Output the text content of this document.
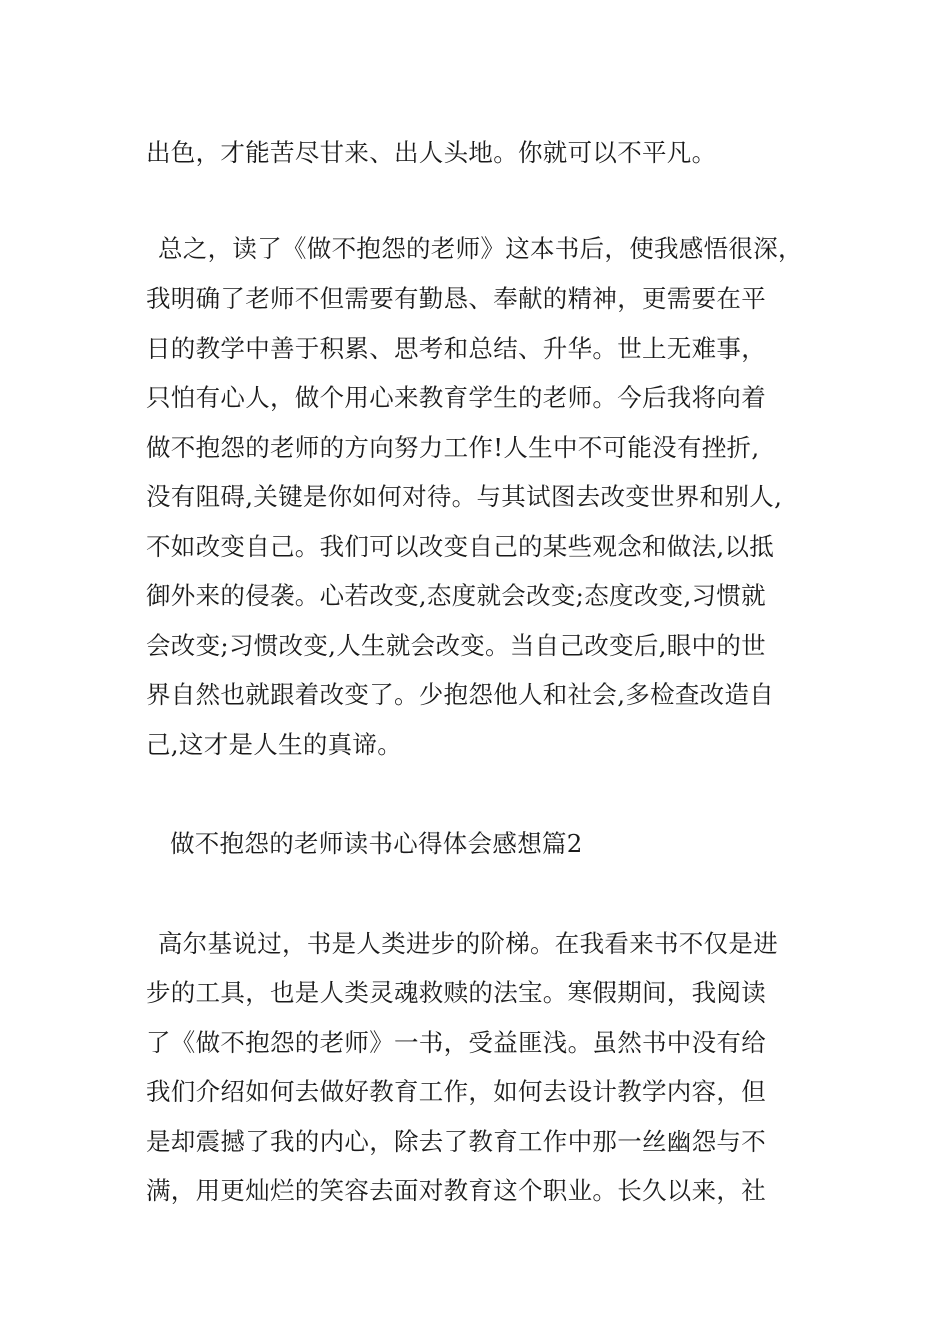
出色，才能苦尽甘来、出人头地。你就可以不平凡。
总之，读了《做不抱怨的老师》这本书后，使我感悟很深，
我明确了老师不但需要有勤恳、奉献的精神，更需要在平
日的教学中善于积累、思考和总结、升华。世上无难事，
只怕有心人，做个用心来教育学生的老师。今后我将向着
做不抱怨的老师的方向努力工作!人生中不可能没有挫折,
没有阻碍,关键是你如何对待。与其试图去改变世界和别人,
不如改变自己。我们可以改变自己的某些观念和做法,以抵
御外来的侵袭。心若改变,态度就会改变;态度改变,习惯就
会改变;习惯改变,人生就会改变。当自己改变后,眼中的世
界自然也就跟着改变了。少抱怨他人和社会,多检查改造自
己,这才是人生的真谛。
做不抱怨的老师读书心得体会感想篇2
高尔基说过，书是人类进步的阶梯。在我看来书不仅是进
步的工具，也是人类灵魂救赎的法宝。寒假期间，我阅读
了《做不抱怨的老师》一书，受益匪浅。虽然书中没有给
我们介绍如何去做好教育工作，如何去设计教学内容，但
是却震撼了我的内心，除去了教育工作中那一丝幽怨与不
满，用更灿烂的笑容去面对教育这个职业。长久以来，社
